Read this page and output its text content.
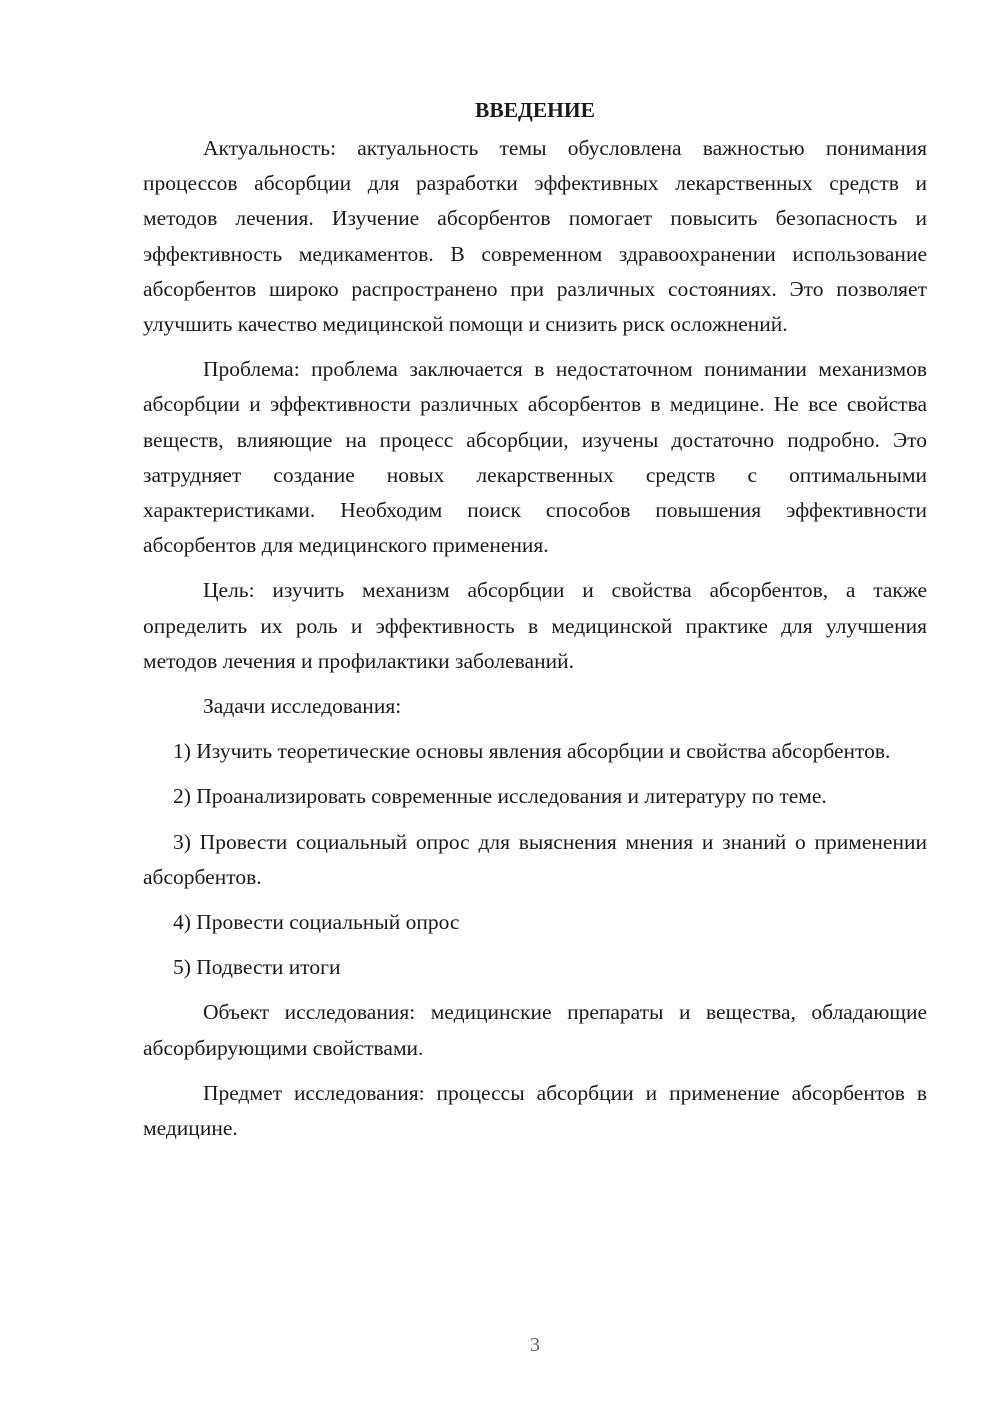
ВВЕДЕНИЕ

Актуальность: актуальность темы обусловлена важностью понимания процессов абсорбции для разработки эффективных лекарственных средств и методов лечения. Изучение абсорбентов помогает повысить безопасность и эффективность медикаментов. В современном здравоохранении использование абсорбентов широко распространено при различных состояниях. Это позволяет улучшить качество медицинской помощи и снизить риск осложнений.

Проблема: проблема заключается в недостаточном понимании механизмов абсорбции и эффективности различных абсорбентов в медицине. Не все свойства веществ, влияющие на процесс абсорбции, изучены достаточно подробно. Это затрудняет создание новых лекарственных средств с оптимальными характеристиками. Необходим поиск способов повышения эффективности абсорбентов для медицинского применения.

Цель: изучить механизм абсорбции и свойства абсорбентов, а также определить их роль и эффективность в медицинской практике для улучшения методов лечения и профилактики заболеваний.

Задачи исследования:

1) Изучить теоретические основы явления абсорбции и свойства абсорбентов.

2) Проанализировать современные исследования и литературу по теме.

3) Провести социальный опрос для выяснения мнения и знаний о применении абсорбентов.

4) Провести социальный опрос

5) Подвести итоги

Объект исследования: медицинские препараты и вещества, обладающие абсорбирующими свойствами.

Предмет исследования: процессы абсорбции и применение абсорбентов в медицине.

3
